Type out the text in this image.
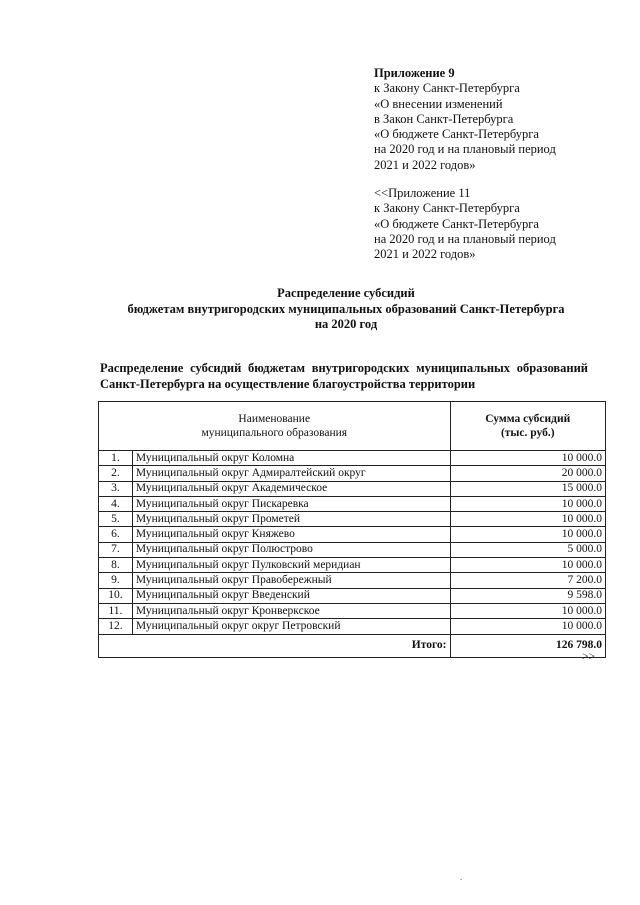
Приложение 9
к Закону Санкт-Петербурга
«О внесении изменений
в Закон Санкт-Петербурга
«О бюджете Санкт-Петербурга
на 2020 год и на плановый период
2021 и 2022 годов»
<<Приложение 11
к Закону Санкт-Петербурга
«О бюджете Санкт-Петербурга
на 2020 год и на плановый период
2021 и 2022 годов»
Распределение субсидий
бюджетам внутригородских муниципальных образований Санкт-Петербурга
на 2020 год
Распределение субсидий бюджетам внутригородских муниципальных образований
Санкт-Петербурга на осуществление благоустройства территории
Наименование
муниципального образования		Сумма субсидий
(тыс. руб.)
1.	Муниципальный округ Коломна	10 000.0
2.	Муниципальный округ Адмиралтейский округ	20 000.0
3.	Муниципальный округ Академическое	15 000.0
4.	Муниципальный округ Пискаревка	10 000.0
5.	Муниципальный округ Прометей	10 000.0
6.	Муниципальный округ Княжево	10 000.0
7.	Муниципальный округ Полюстрово	5 000.0
8.	Муниципальный округ Пулковский меридиан	10 000.0
9.	Муниципальный округ Правобережный	7 200.0
10.	Муниципальный округ Введенский	9 598.0
11.	Муниципальный округ Кронверкское	10 000.0
12.	Муниципальный округ округ Петровский	10 000.0
Итого:		126 798.0
>>
.
